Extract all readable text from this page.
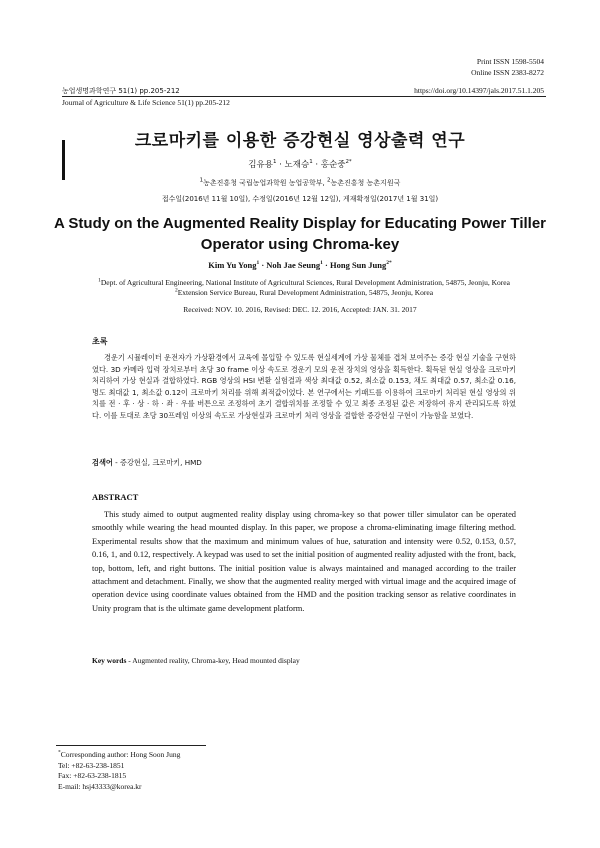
Print ISSN 1598-5504
Online ISSN 2383-8272
농업생명과학연구 51(1) pp.205-212	https://doi.org/10.14397/jals.2017.51.1.205
Journal of Agriculture & Life Science 51(1) pp.205-212
크로마키를 이용한 증강현실 영상출력 연구
김유용$^1$ · 노재승$^1$ · 홍순중$^{2*}$
$^1$농촌진흥청 국립농업과학원 농업공학부, $^2$농촌진흥청 농촌지원국
접수일(2016년 11월 10일), 수정일(2016년 12월 12일), 게재확정일(2017년 1월 31일)
A Study on the Augmented Reality Display for Educating Power Tiller
Operator using Chroma-key
Kim Yu Yong$^1$ · Noh Jae Seung$^1$ · Hong Sun Jung$^{2*}$
$^1$Dept. of Agricultural Engineering, National Institute of Agricultural Sciences, Rural Development Administration, 54875, Jeonju, Korea
$^2$Extension Service Bureau, Rural Development Administration, 54875, Jeonju, Korea
Received: NOV. 10. 2016, Revised: DEC. 12. 2016, Accepted: JAN. 31. 2017
초록
경운기 시뮬레이터 운전자가 가상환경에서 교육에 몰입할 수 있도록 현실세계에 가상 물체를 겹쳐 보여주는 증강 현실 기술을 구현하였다. 3D 카메라 입력 장치로부터 초당 30 frame 이상 속도로 경운기 모의 운전 장치의 영상을 획득한다. 획득된 현실 영상을 크로마키 처리하여 가상 현실과 결합하였다. RGB 영상의 HSI 변환 실험결과 색상 최대값 0.52, 최소값 0.153, 채도 최대값 0.57, 최소값 0.16, 명도 최대값 1, 최소값 0.12이 크로마키 처리를 위해 최적값이었다. 본 연구에서는 키패드를 이용하여 크로마키 처리된 현실 영상의 위치를 전 · 후 · 상 · 하 · 좌 · 우를 버튼으로 조정하여 초기 결합위치를 조정할 수 있고 최종 조정된 값은 저장하여 유지 관리되도록 하였다. 이를 토대로 초당 30프레임 이상의 속도로 가상현실과 크로마키 처리 영상을 결합한 증강현실 구현이 가능함을 보였다.
검색어 - 증강현실, 크로마키, HMD
ABSTRACT
This study aimed to output augmented reality display using chroma-key so that power tiller simulator can be operated smoothly while wearing the head mounted display. In this paper, we propose a chroma-eliminating image filtering method. Experimental results show that the maximum and minimum values of hue, saturation and intensity were 0.52, 0.153, 0.57, 0.16, 1, and 0.12, respectively. A keypad was used to set the initial position of augmented reality adjusted with the front, back, top, bottom, left, and right buttons. The initial position value is always maintained and managed according to the trailer attachment and detachment. Finally, we show that the augmented reality merged with virtual image and the acquired image of operation device using coordinate values obtained from the HMD and the position tracking sensor as relative coordinates in Unity program that is the ultimate game development platform.
Key words - Augmented reality, Chroma-key, Head mounted display
*Corresponding author: Hong Soon Jung
Tel: +82-63-238-1851
Fax: +82-63-238-1815
E-mail: hsj43333@korea.kr
